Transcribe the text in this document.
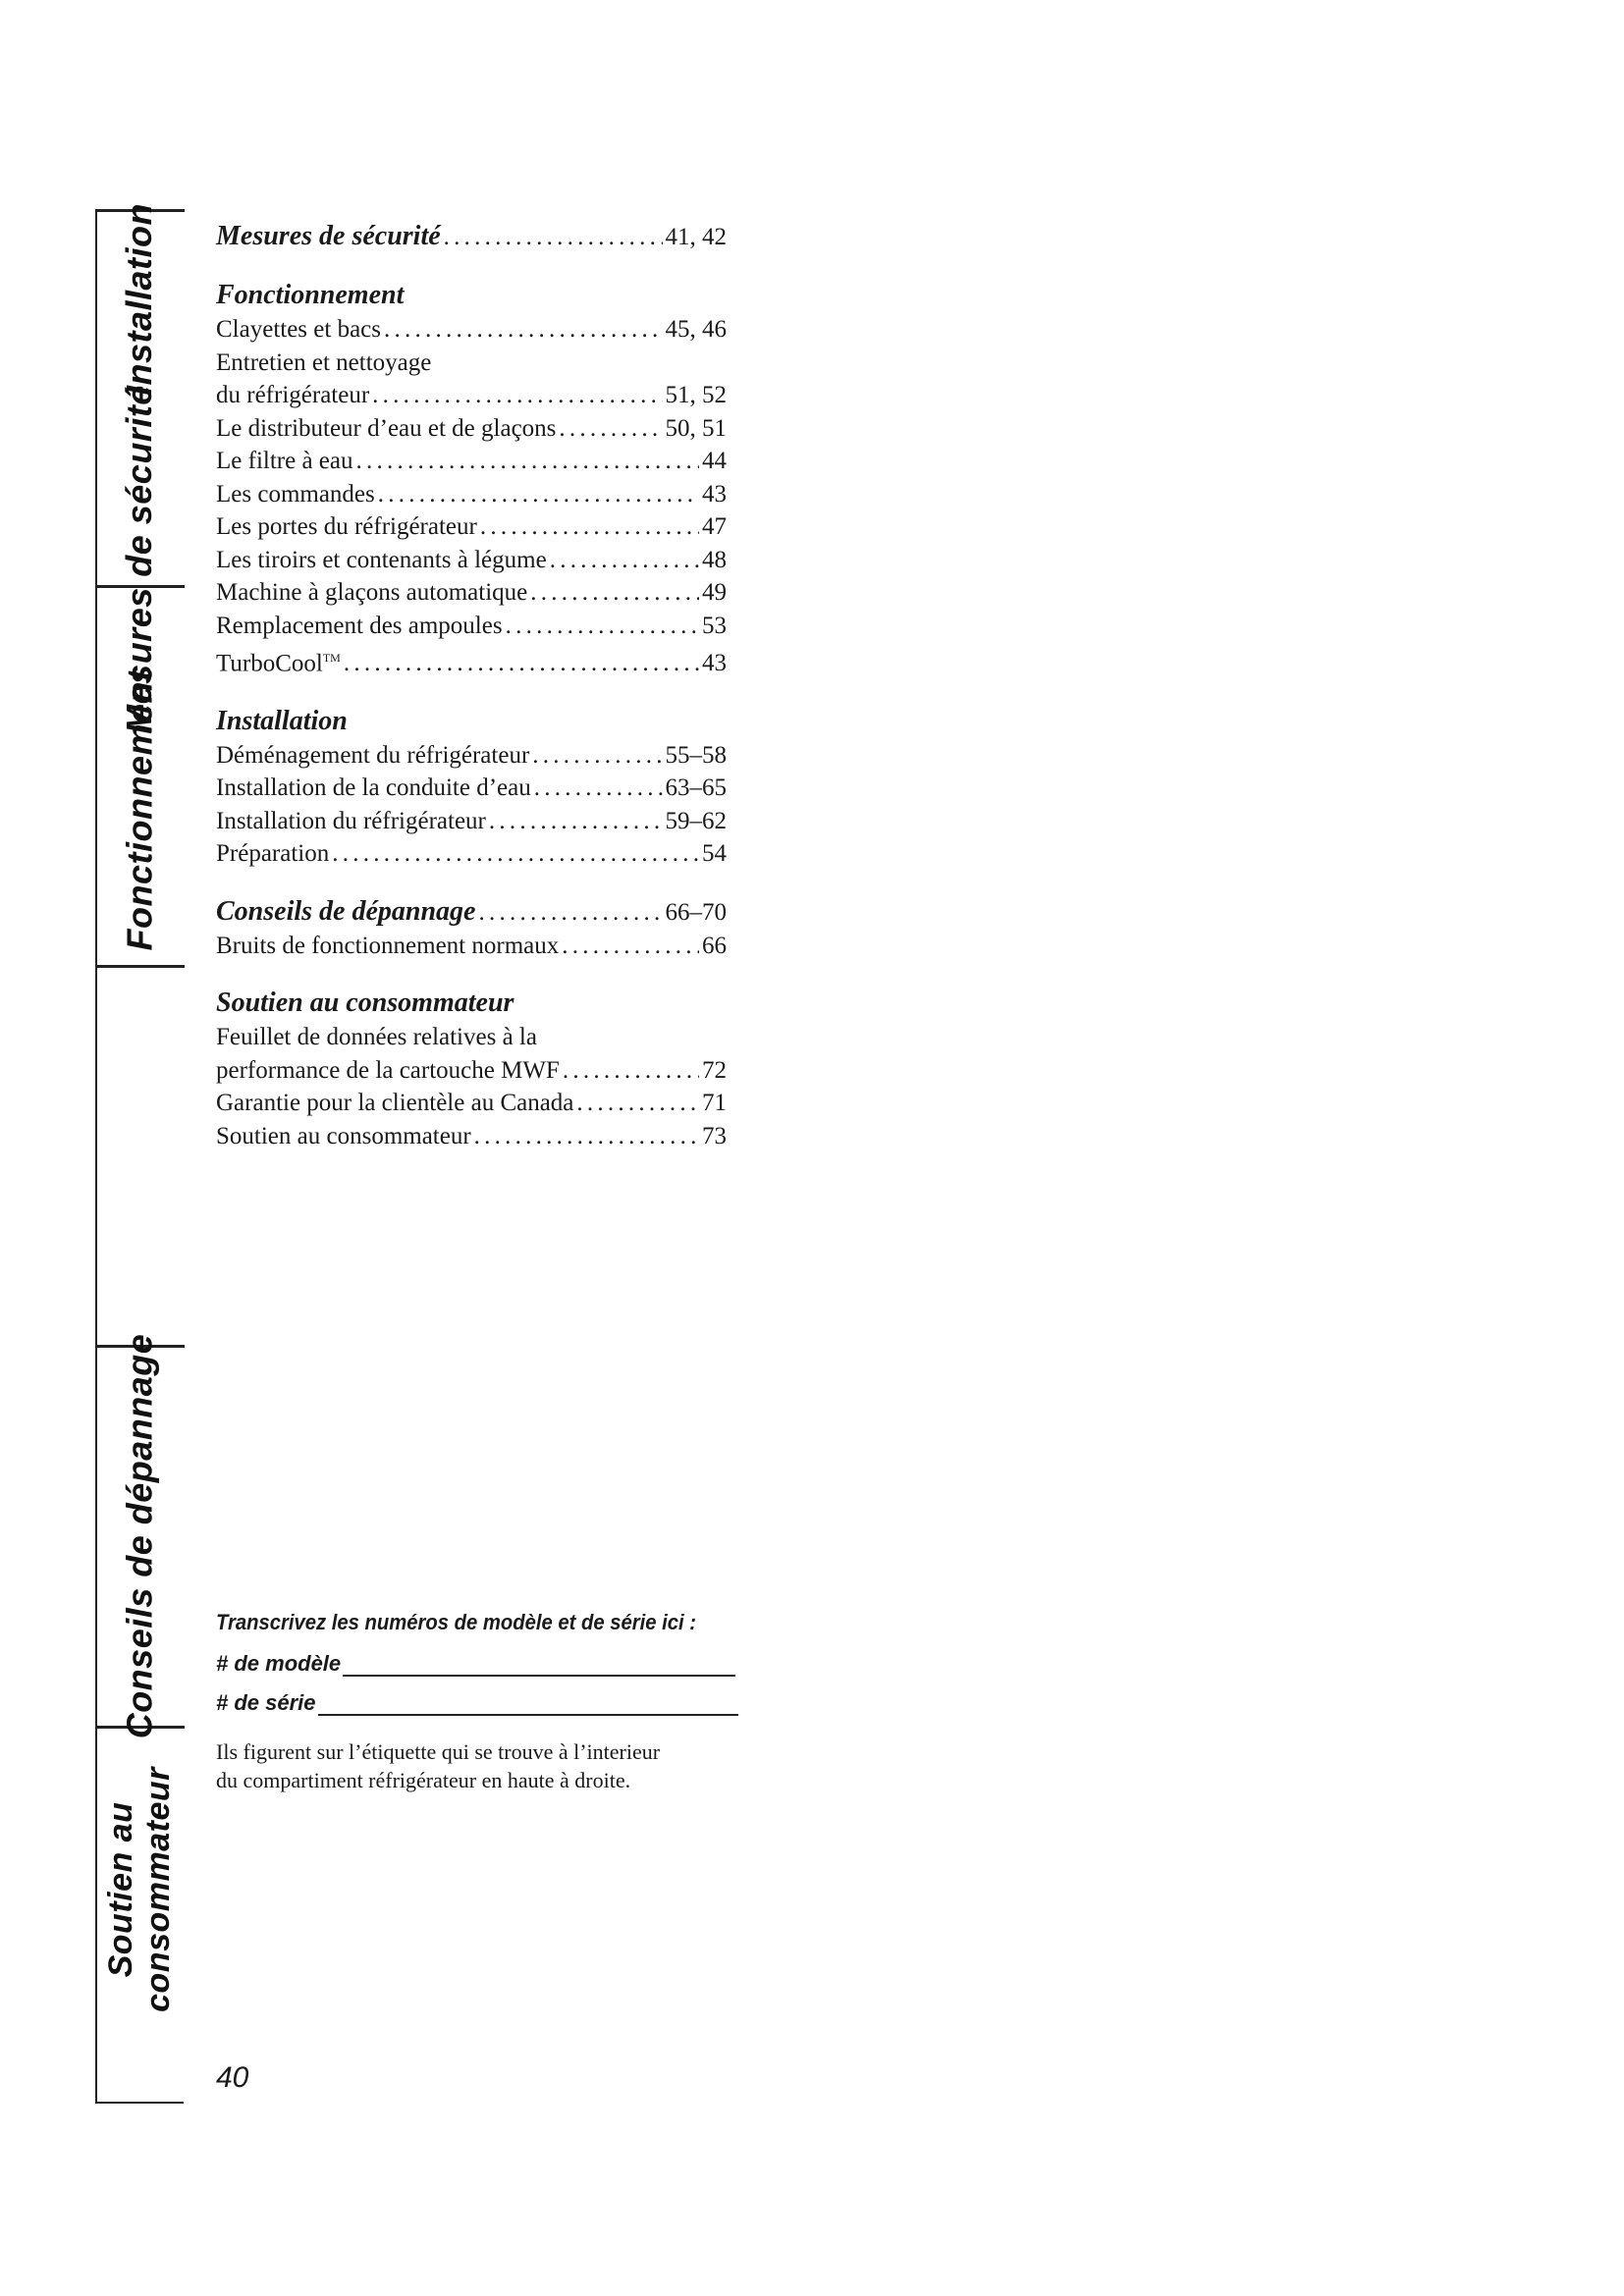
Installation
Mesures de sécurité
Fonctionnement
Conseils de dépannage
Soutien au consommateur
Mesures de sécurité . . .	41, 42
Fonctionnement
Clayettes et bacs . . .	45, 46
Entretien et nettoyage
du réfrigérateur . . .	51, 52
Le distributeur d’eau et de glaçons . . .	50, 51
Le filtre à eau . . .	44
Les commandes . . .	43
Les portes du réfrigérateur . . .	47
Les tiroirs et contenants à légume . . .	48
Machine à glaçons automatique . . .	49
Remplacement des ampoules . . .	53
TurboCool™ . . .	43
Installation
Déménagement du réfrigérateur . . .	55–58
Installation de la conduite d’eau . . .	63–65
Installation du réfrigérateur . . .	59–62
Préparation . . .	54
Conseils de dépannage . . .	66–70
Bruits de fonctionnement normaux . . .	66
Soutien au consommateur
Feuillet de données relatives à la
performance de la cartouche MWF . . .	72
Garantie pour la clientèle au Canada . . .	71
Soutien au consommateur . . .	73
Transcrivez les numéros de modèle et de série ici :
# de modèle
# de série
Ils figurent sur l’étiquette qui se trouve à l’interieur
du compartiment réfrigérateur en haute à droite.
40
